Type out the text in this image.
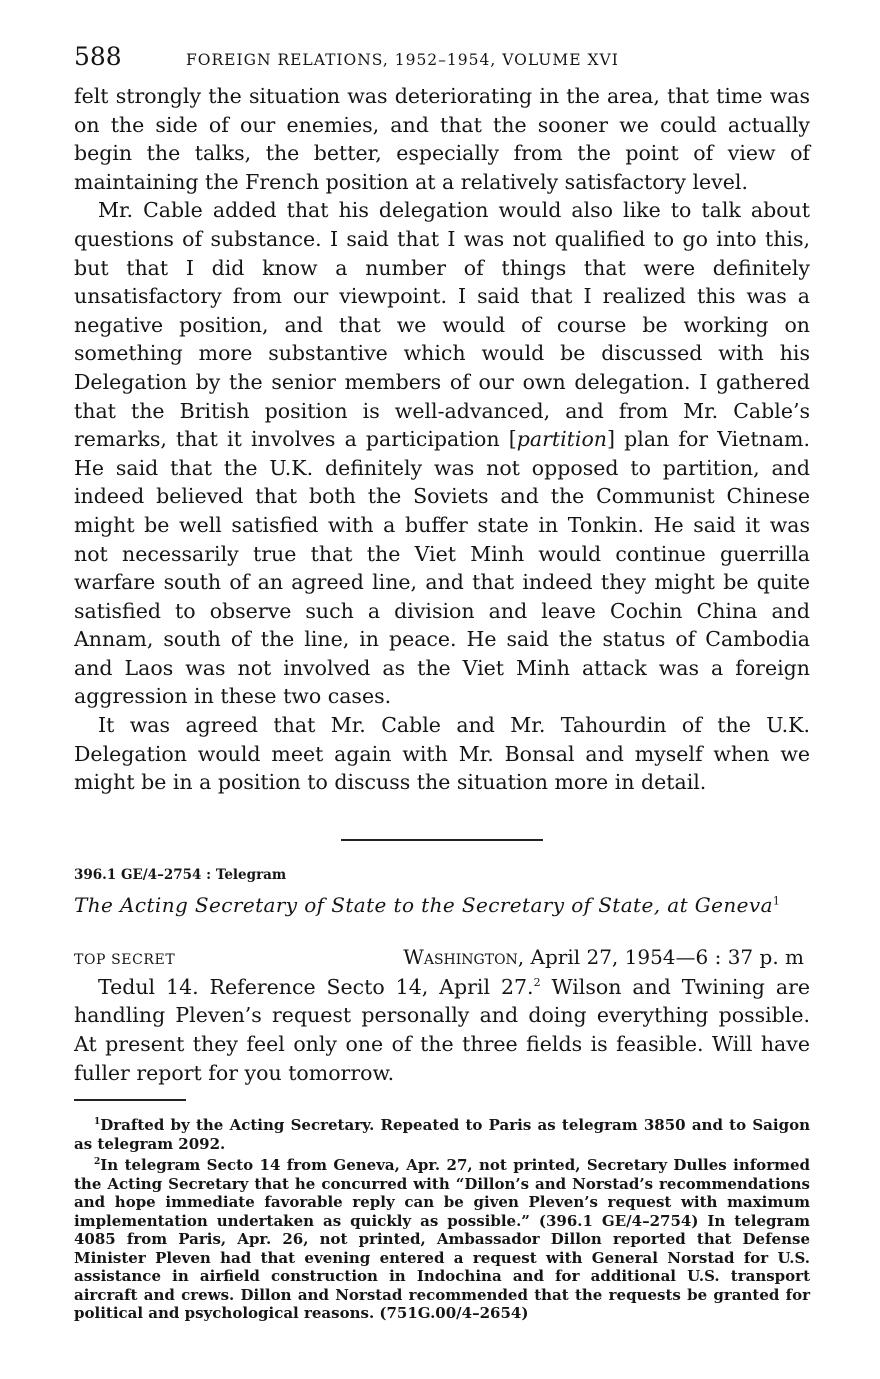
588	FOREIGN RELATIONS, 1952–1954, VOLUME XVI

felt strongly the situation was deteriorating in the area, that time was on the side of our enemies, and that the sooner we could actually begin the talks, the better, especially from the point of view of maintaining the French position at a relatively satisfactory level.

Mr. Cable added that his delegation would also like to talk about questions of substance. I said that I was not qualified to go into this, but that I did know a number of things that were definitely unsatisfactory from our viewpoint. I said that I realized this was a negative position, and that we would of course be working on something more substantive which would be discussed with his Delegation by the senior members of our own delegation. I gathered that the British position is well-advanced, and from Mr. Cable’s remarks, that it involves a participation [partition] plan for Vietnam. He said that the U.K. definitely was not opposed to partition, and indeed believed that both the Soviets and the Communist Chinese might be well satisfied with a buffer state in Tonkin. He said it was not necessarily true that the Viet Minh would continue guerrilla warfare south of an agreed line, and that indeed they might be quite satisfied to observe such a division and leave Cochin China and Annam, south of the line, in peace. He said the status of Cambodia and Laos was not involved as the Viet Minh attack was a foreign aggression in these two cases.

It was agreed that Mr. Cable and Mr. Tahourdin of the U.K. Delegation would meet again with Mr. Bonsal and myself when we might be in a position to discuss the situation more in detail.

396.1 GE/4–2754 : Telegram
The Acting Secretary of State to the Secretary of State, at Geneva$^1$
TOP SECRET	Washington, April 27, 1954—6 : 37 p. m

Tedul 14. Reference Secto 14, April 27.$^2$ Wilson and Twining are handling Pleven’s request personally and doing everything possible. At present they feel only one of the three fields is feasible. Will have fuller report for you tomorrow.

$^1$Drafted by the Acting Secretary. Repeated to Paris as telegram 3850 and to Saigon as telegram 2092.

$^2$In telegram Secto 14 from Geneva, Apr. 27, not printed, Secretary Dulles informed the Acting Secretary that he concurred with “Dillon’s and Norstad’s recommendations and hope immediate favorable reply can be given Pleven’s request with maximum implementation undertaken as quickly as possible.” (396.1 GE/4–2754) In telegram 4085 from Paris, Apr. 26, not printed, Ambassador Dillon reported that Defense Minister Pleven had that evening entered a request with General Norstad for U.S. assistance in airfield construction in Indochina and for additional U.S. transport aircraft and crews. Dillon and Norstad recommended that the requests be granted for political and psychological reasons. (751G.00/4–2654)
